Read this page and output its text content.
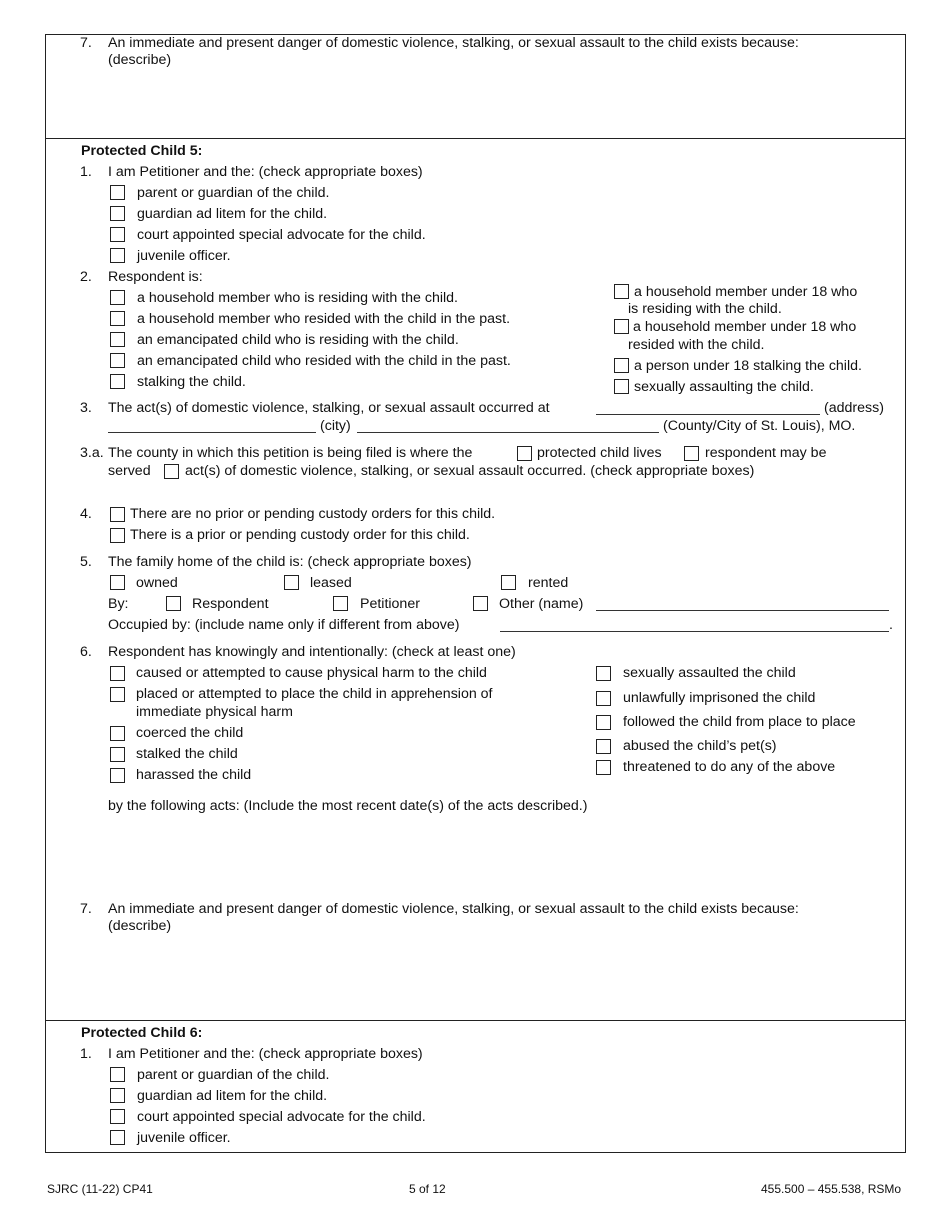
7. An immediate and present danger of domestic violence, stalking, or sexual assault to the child exists because:
(describe)
Protected Child 5:
1. I am Petitioner and the: (check appropriate boxes)
parent or guardian of the child.
guardian ad litem for the child.
court appointed special advocate for the child.
juvenile officer.
2. Respondent is:
a household member who is residing with the child.
a household member who resided with the child in the past.
an emancipated child who is residing with the child.
an emancipated child who resided with the child in the past.
stalking the child.
a household member under 18 who
is residing with the child.
a household member under 18 who
resided with the child.
a person under 18 stalking the child.
sexually assaulting the child.
3. The act(s) of domestic violence, stalking, or sexual assault occurred at	(address)
(city)	(County/City of St. Louis), MO.
3.a. The county in which this petition is being filed is where the	protected child lives	respondent may be
served act(s) of domestic violence, stalking, or sexual assault occurred. (check appropriate boxes)
4.	There are no prior or pending custody orders for this child.
There is a prior or pending custody order for this child.
5. The family home of the child is: (check appropriate boxes)
owned	leased	rented
By:	Respondent	Petitioner	Other (name)
Occupied by: (include name only if different from above)	.
6. Respondent has knowingly and intentionally: (check at least one)
caused or attempted to cause physical harm to the child
placed or attempted to place the child in apprehension of
immediate physical harm
coerced the child
stalked the child
harassed the child
sexually assaulted the child
unlawfully imprisoned the child
followed the child from place to place
abused the child’s pet(s)
threatened to do any of the above
by the following acts: (Include the most recent date(s) of the acts described.)
7. An immediate and present danger of domestic violence, stalking, or sexual assault to the child exists because:
(describe)
Protected Child 6:
1. I am Petitioner and the: (check appropriate boxes)
parent or guardian of the child.
guardian ad litem for the child.
court appointed special advocate for the child.
juvenile officer.
SJRC (11-22) CP41	5 of 12	455.500 – 455.538, RSMo
